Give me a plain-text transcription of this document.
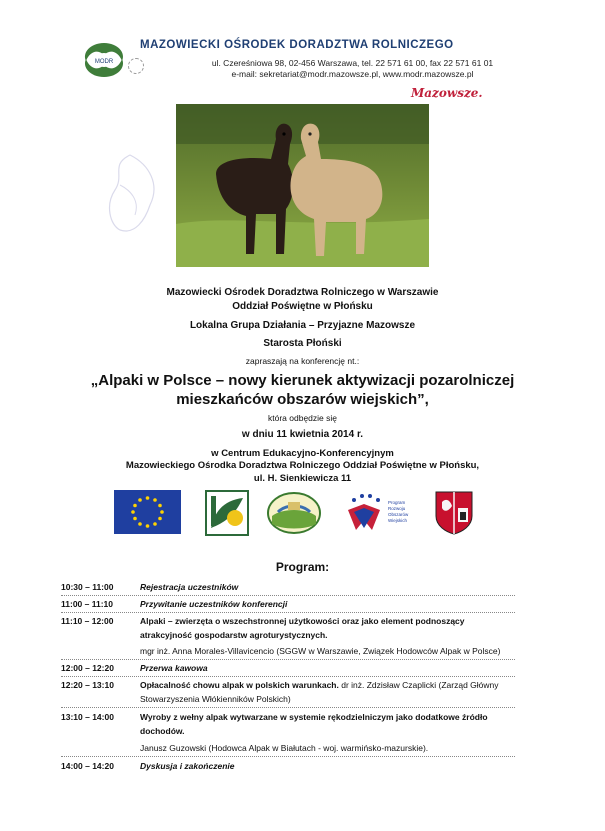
MODR
MAZOWIECKI OŚRODEK DORADZTWA ROLNICZEGO
ul. Czereśniowa 98, 02-456 Warszawa, tel. 22 571 61 00, fax 22 571 61 01
e-mail: sekretariat@modr.mazowsze.pl, www.modr.mazowsze.pl
Mazowsze.
Mazowiecki Ośrodek Doradztwa Rolniczego w Warszawie
Oddział Poświętne w Płońsku
Lokalna Grupa Działania – Przyjazne Mazowsze
Starosta Płoński
zapraszają na konferencję nt.:
„Alpaki w Polsce – nowy kierunek aktywizacji pozarolniczej
mieszkańców obszarów wiejskich”,
która odbędzie się
w dniu 11 kwietnia 2014 r.
w Centrum Edukacyjno-Konferencyjnym
Mazowieckiego Ośrodka Doradztwa Rolniczego Oddział Poświętne w Płońsku,
ul. H. Sienkiewicza 11
Program Rozwoju Obszarów Wiejskich
Program:
10:30 – 11:00	Rejestracja uczestników
11:00 – 11:10	Przywitanie uczestników konferencji
11:10 – 12:00	Alpaki – zwierzęta o wszechstronnej użytkowości oraz jako element podnoszący
atrakcyjność gospodarstw agroturystycznych.
mgr inż. Anna Morales-Villavicencio (SGGW w Warszawie, Związek Hodowców Alpak w Polsce)
12:00 – 12:20	Przerwa kawowa
12:20 – 13:10	Opłacalność chowu alpak w polskich warunkach. dr inż. Zdzisław Czaplicki (Zarząd Główny
Stowarzyszenia Włókienników Polskich)
13:10 – 14:00	Wyroby z wełny alpak wytwarzane w systemie rękodzielniczym jako dodatkowe źródło
dochodów.
Janusz Guzowski (Hodowca Alpak w Białutach - woj. warmińsko-mazurskie).
14:00 – 14:20	Dyskusja i zakończenie
